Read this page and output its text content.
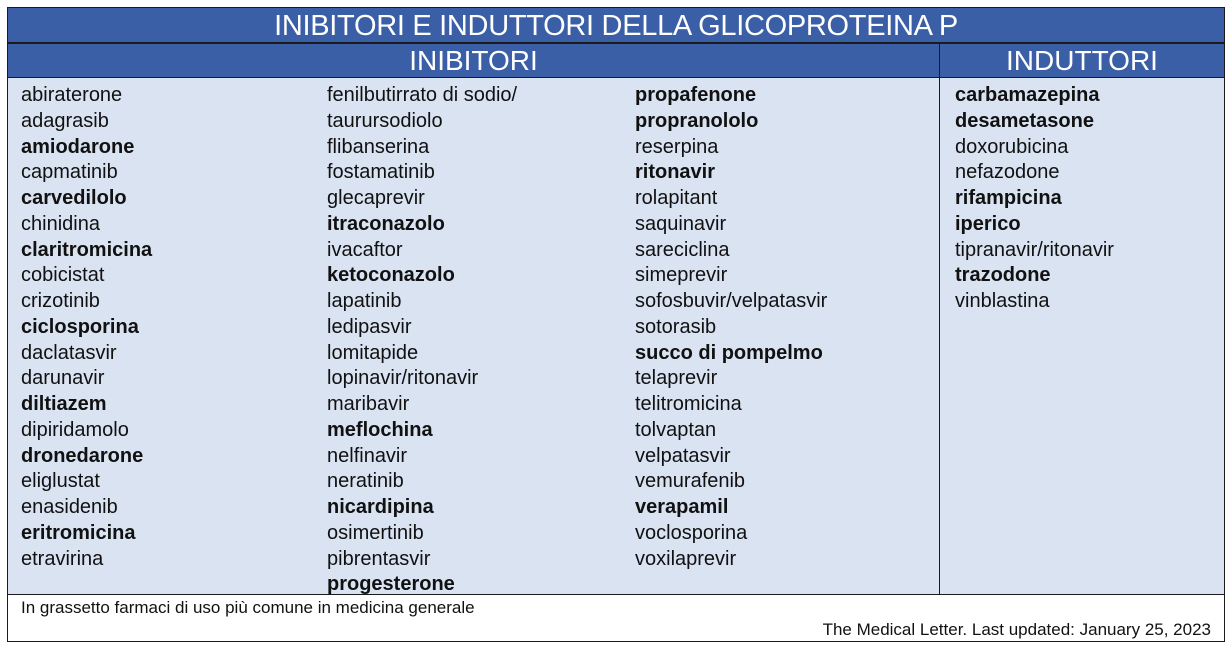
INIBITORI E INDUTTORI DELLA GLICOPROTEINA P
INIBITORI	INDUTTORI
abiraterone
adagrasib
amiodarone
capmatinib
carvedilolo
chinidina
claritromicina
cobicistat
crizotinib
ciclosporina
daclatasvir
darunavir
diltiazem
dipiridamolo
dronedarone
eliglustat
enasidenib
eritromicina
etravirina
fenilbutirrato di sodio/
taurursodiolo
flibanserina
fostamatinib
glecaprevir
itraconazolo
ivacaftor
ketoconazolo
lapatinib
ledipasvir
lomitapide
lopinavir/ritonavir
maribavir
meflochina
nelfinavir
neratinib
nicardipina
osimertinib
pibrentasvir
progesterone
propafenone
propranololo
reserpina
ritonavir
rolapitant
saquinavir
sareciclina
simeprevir
sofosbuvir/velpatasvir
sotorasib
succo di pompelmo
telaprevir
telitromicina
tolvaptan
velpatasvir
vemurafenib
verapamil
voclosporina
voxilaprevir
carbamazepina
desametasone
doxorubicina
nefazodone
rifampicina
iperico
tipranavir/ritonavir
trazodone
vinblastina
In grassetto farmaci di uso più comune in medicina generale
The Medical Letter. Last updated: January 25, 2023
